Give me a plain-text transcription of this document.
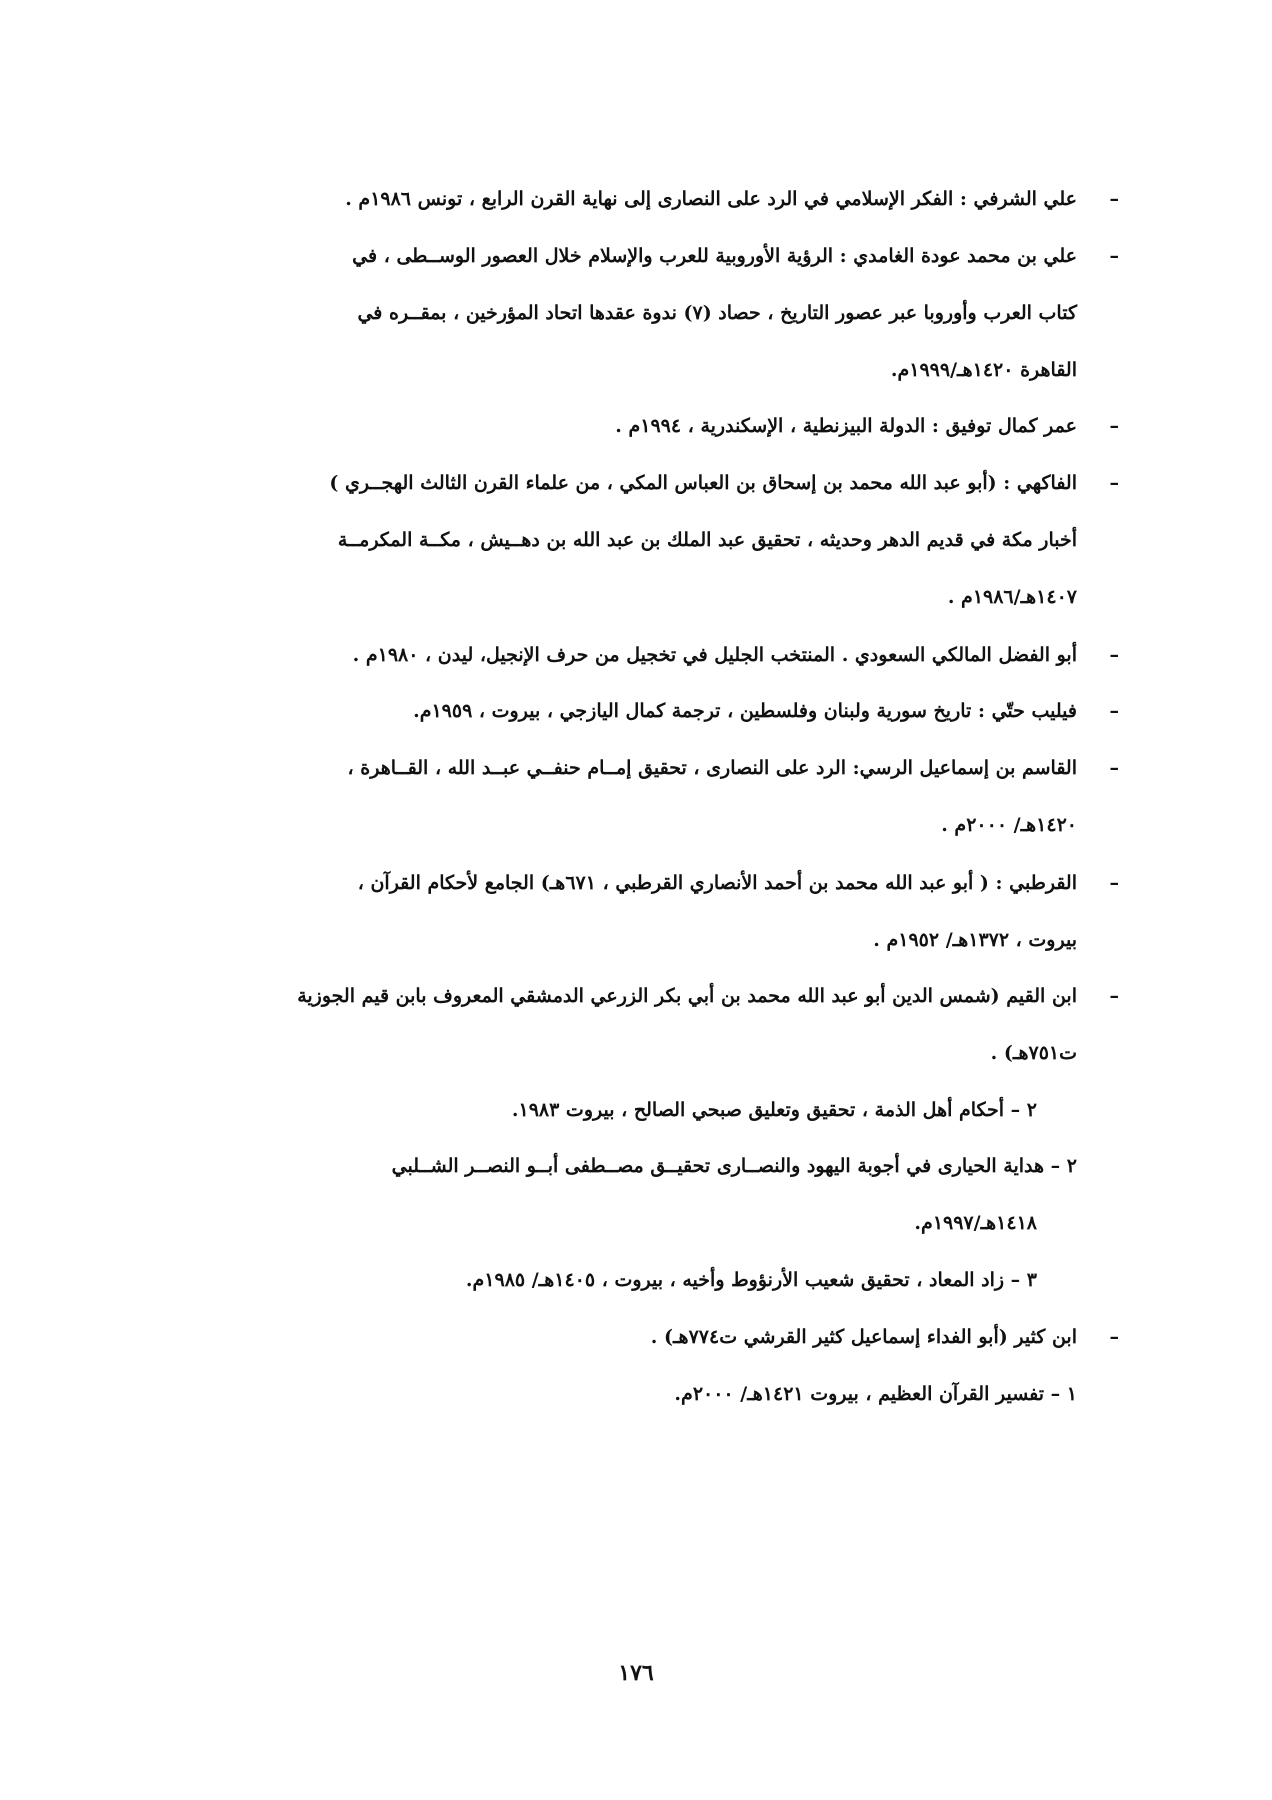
–
علي الشرفي : الفكر الإسلامي في الرد على النصارى إلى نهاية القرن الرابع ، تونس ١٩٨٦م .
–
علي بن محمد عودة الغامدي : الرؤية الأوروبية للعرب والإسلام خلال العصور الوســطى ، في
كتاب العرب وأوروبا عبر عصور التاريخ ، حصاد (٧) ندوة عقدها اتحاد المؤرخين ، بمقــره في
القاهرة ١٤٢٠هـ/١٩٩٩م.
–
عمر كمال توفيق : الدولة البيزنطية ، الإسكندرية ، ١٩٩٤م .
–
الفاكهي : (أبو عبد الله محمد بن إسحاق بن العباس المكي ، من علماء القرن الثالث الهجــري )
أخبار مكة في قديم الدهر وحديثه ، تحقيق عبد الملك بن عبد الله بن دهــيش ، مكــة المكرمــة
١٤٠٧هـ/١٩٨٦م .
–
أبو الفضل المالكي السعودي . المنتخب الجليل في تخجيل من حرف الإنجيل، ليدن ، ١٩٨٠م .
–
فيليب حتّي : تاريخ سورية ولبنان وفلسطين ، ترجمة كمال اليازجي ، بيروت ، ١٩٥٩م.
–
القاسم بن إسماعيل الرسي: الرد على النصارى ، تحقيق إمــام حنفــي عبــد الله ، القــاهرة ،
١٤٢٠هـ/ ٢٠٠٠م .
–
القرطبي : ( أبو عبد الله محمد بن أحمد الأنصاري القرطبي ، ٦٧١هـ) الجامع لأحكام القرآن ،
بيروت ، ١٣٧٢هـ/ ١٩٥٢م .
–
ابن القيم (شمس الدين أبو عبد الله محمد بن أبي بكر الزرعي الدمشقي المعروف بابن قيم الجوزية
ت٧٥١هـ) .
٢ – أحكام أهل الذمة ، تحقيق وتعليق صبحي الصالح ، بيروت ١٩٨٣.
٢ – هداية الحيارى في أجوبة اليهود والنصــارى تحقيــق مصــطفى أبــو النصــر الشــلبي
١٤١٨هـ/١٩٩٧م.
٣ – زاد المعاد ، تحقيق شعيب الأرنؤوط وأخيه ، بيروت ، ١٤٠٥هـ/ ١٩٨٥م.
–
ابن كثير (أبو الفداء إسماعيل كثير القرشي ت٧٧٤هـ) .
١ – تفسير القرآن العظيم ، بيروت ١٤٢١هـ/ ٢٠٠٠م.
١٧٦
